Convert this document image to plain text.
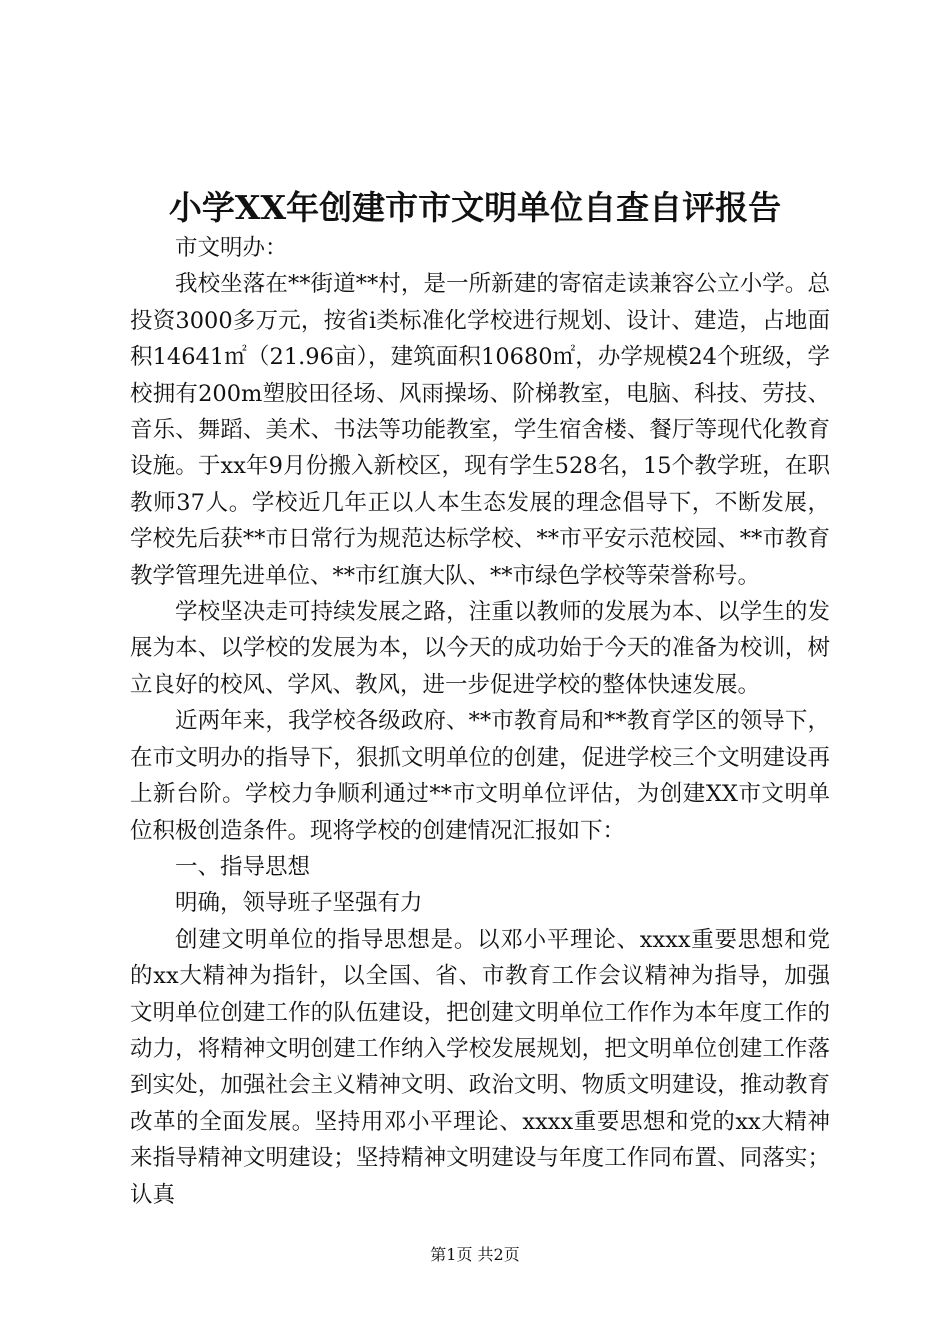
小学XX年创建市市文明单位自查自评报告

市文明办：

我校坐落在**街道**村，是一所新建的寄宿走读兼容公立小学。总投资3000多万元，按省ⅰ类标准化学校进行规划、设计、建造，占地面积14641㎡（21.96亩），建筑面积10680㎡，办学规模24个班级，学校拥有200m塑胶田径场、风雨操场、阶梯教室，电脑、科技、劳技、音乐、舞蹈、美术、书法等功能教室，学生宿舍楼、餐厅等现代化教育设施。于xx年9月份搬入新校区，现有学生528名，15个教学班，在职教师37人。学校近几年正以人本生态发展的理念倡导下，不断发展，学校先后获**市日常行为规范达标学校、**市平安示范校园、**市教育教学管理先进单位、**市红旗大队、**市绿色学校等荣誉称号。

学校坚决走可持续发展之路，注重以教师的发展为本、以学生的发展为本、以学校的发展为本，以今天的成功始于今天的准备为校训，树立良好的校风、学风、教风，进一步促进学校的整体快速发展。

近两年来，我学校各级政府、**市教育局和**教育学区的领导下，在市文明办的指导下，狠抓文明单位的创建，促进学校三个文明建设再上新台阶。学校力争顺利通过**市文明单位评估，为创建XX市文明单位积极创造条件。现将学校的创建情况汇报如下：

一、指导思想

明确，领导班子坚强有力

创建文明单位的指导思想是。以邓小平理论、xxxx重要思想和党的xx大精神为指针，以全国、省、市教育工作会议精神为指导，加强文明单位创建工作的队伍建设，把创建文明单位工作作为本年度工作的动力，将精神文明创建工作纳入学校发展规划，把文明单位创建工作落到实处，加强社会主义精神文明、政治文明、物质文明建设，推动教育改革的全面发展。坚持用邓小平理论、xxxx重要思想和党的xx大精神来指导精神文明建设；坚持精神文明建设与年度工作同布置、同落实；认真

第1页 共2页
